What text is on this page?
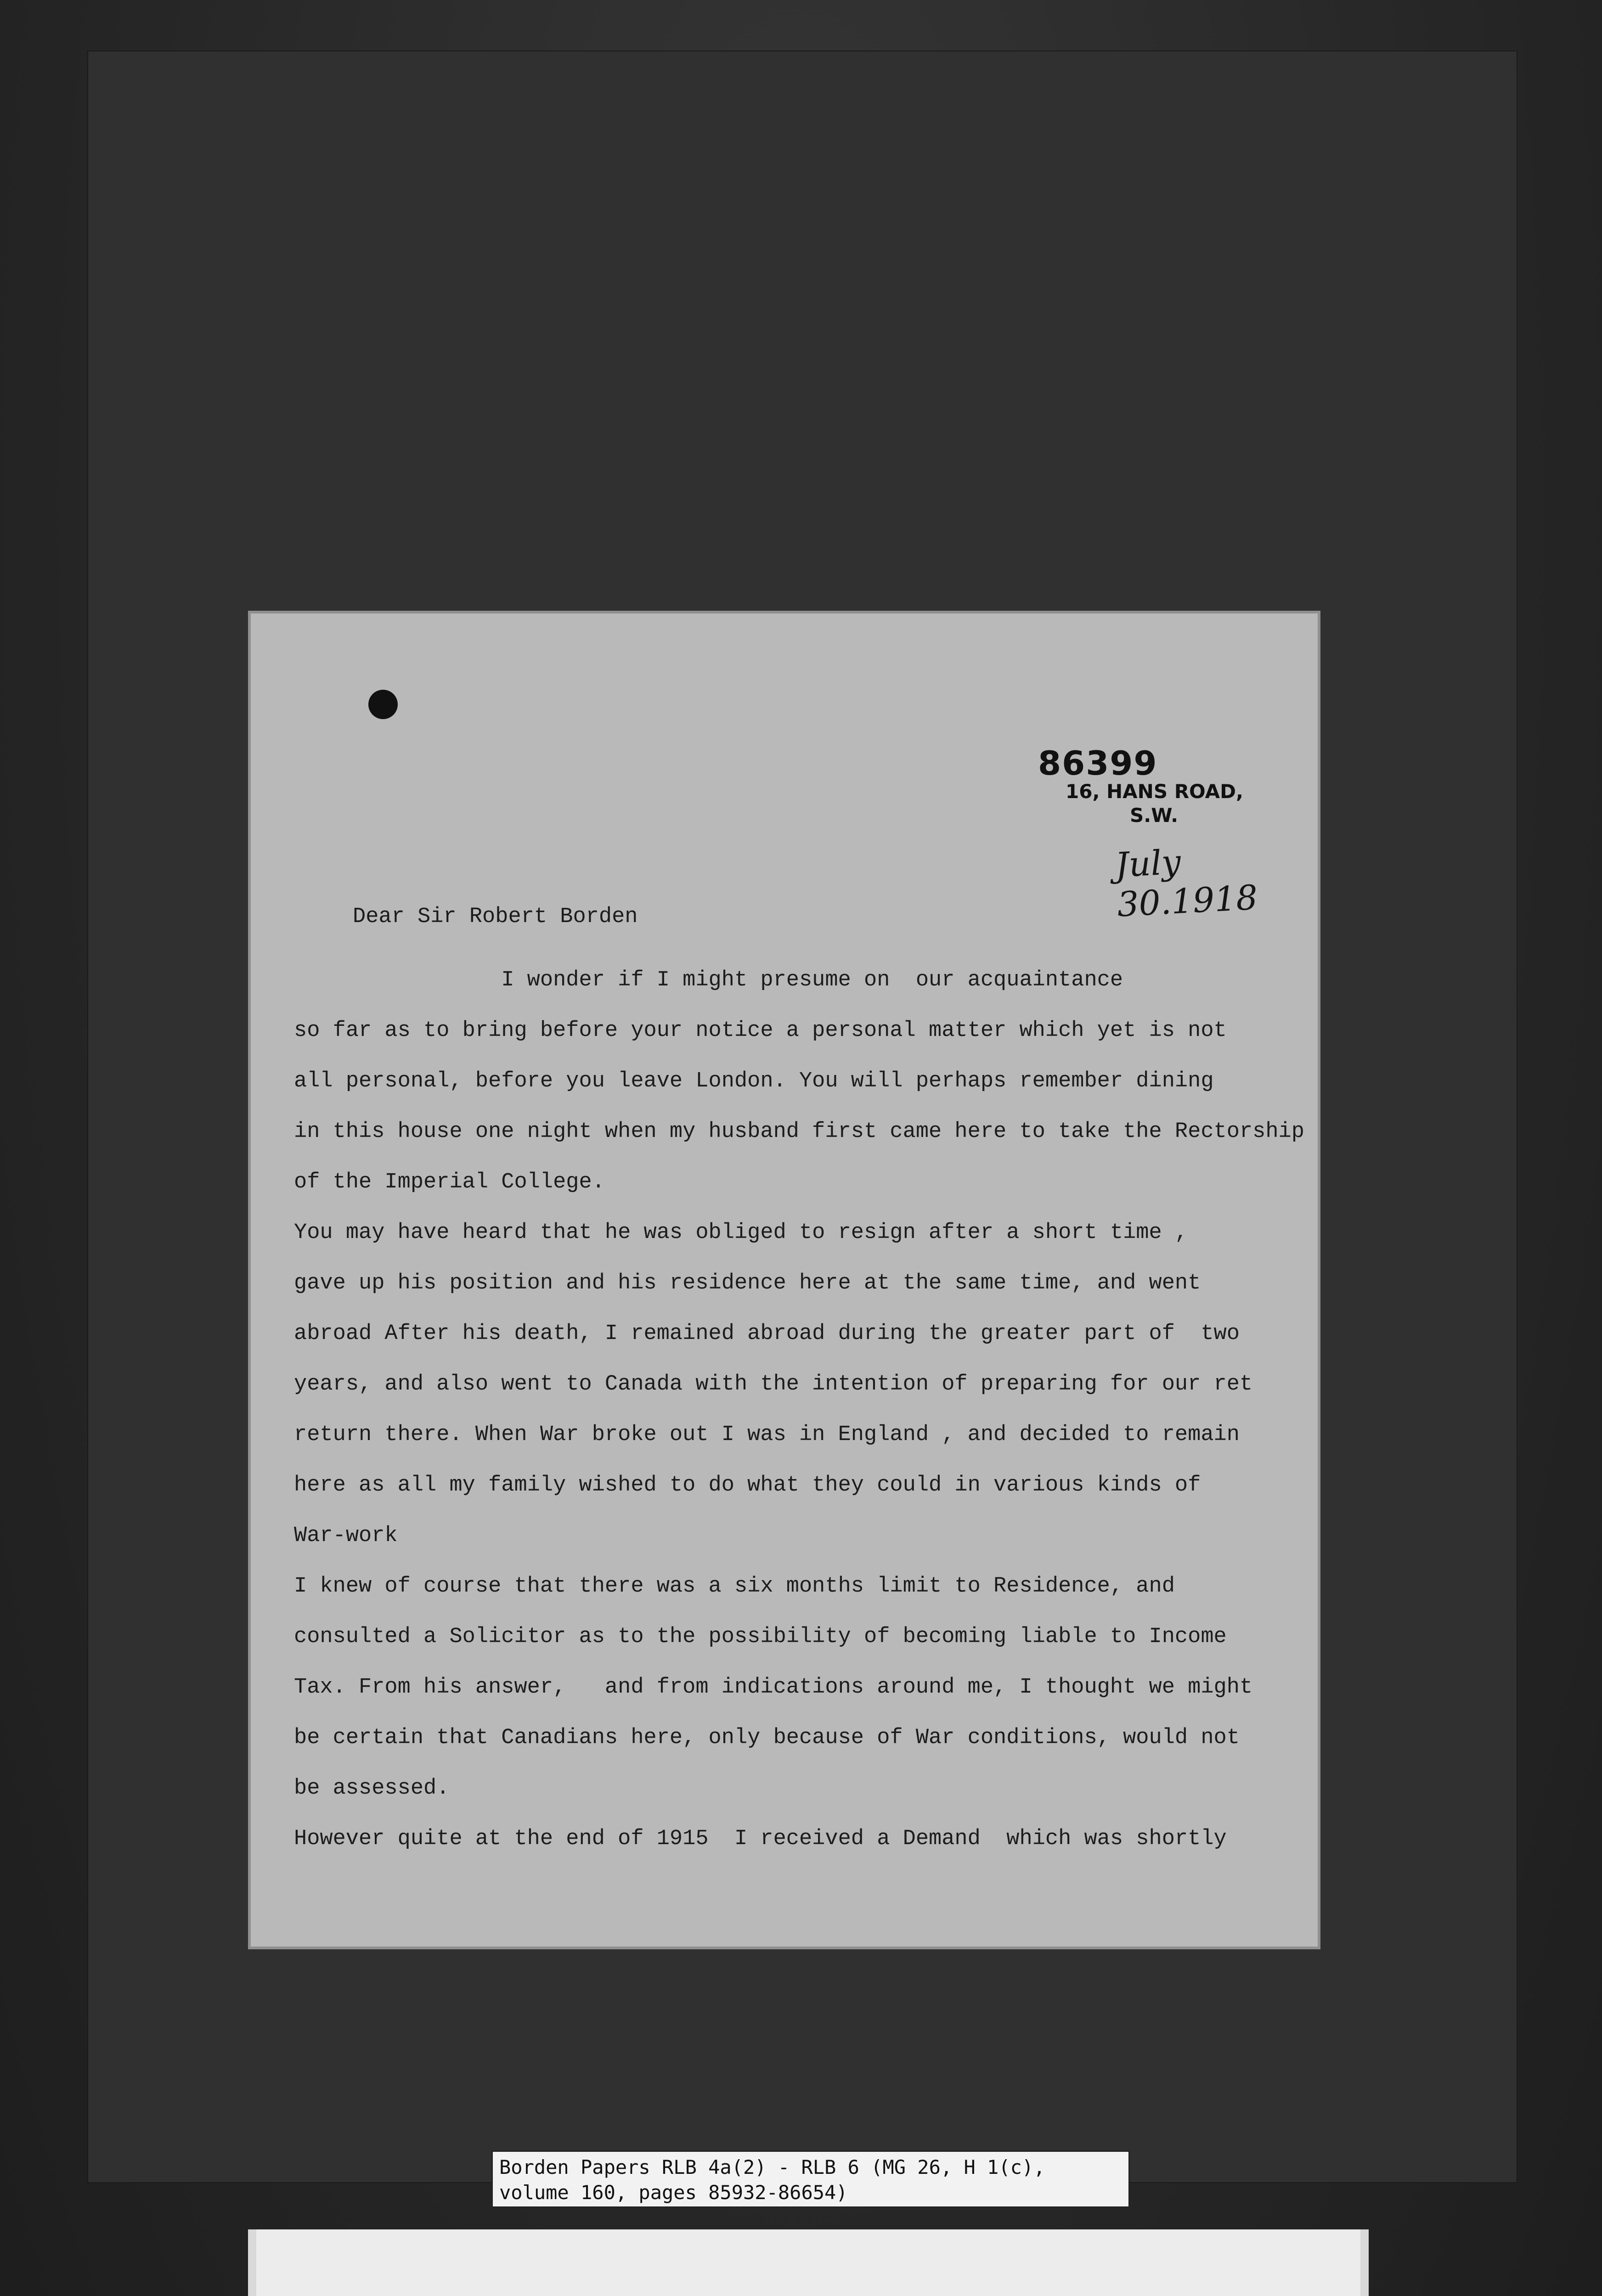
86399
16, HANS ROAD,
S.W.
July 30.1918
Dear Sir Robert Borden
I wonder if I might presume on  our acquaintance
so far as to bring before your notice a personal matter which yet is not
all personal, before you leave London. You will perhaps remember dining
in this house one night when my husband first came here to take the Rectorship
of the Imperial College.
You may have heard that he was obliged to resign after a short time ,
gave up his position and his residence here at the same time, and went
abroad After his death, I remained abroad during the greater part of  two
years, and also went to Canada with the intention of preparing for our ret
return there. When War broke out I was in England , and decided to remain
here as all my family wished to do what they could in various kinds of
War-work
I knew of course that there was a six months limit to Residence, and
consulted a Solicitor as to the possibility of becoming liable to Income
Tax. From his answer,   and from indications around me, I thought we might
be certain that Canadians here, only because of War conditions, would not
be assessed.
However quite at the end of 1915  I received a Demand  which was shortly
Borden Papers RLB 4a(2) - RLB 6 (MG 26, H 1(c),
volume 160, pages 85932-86654)
